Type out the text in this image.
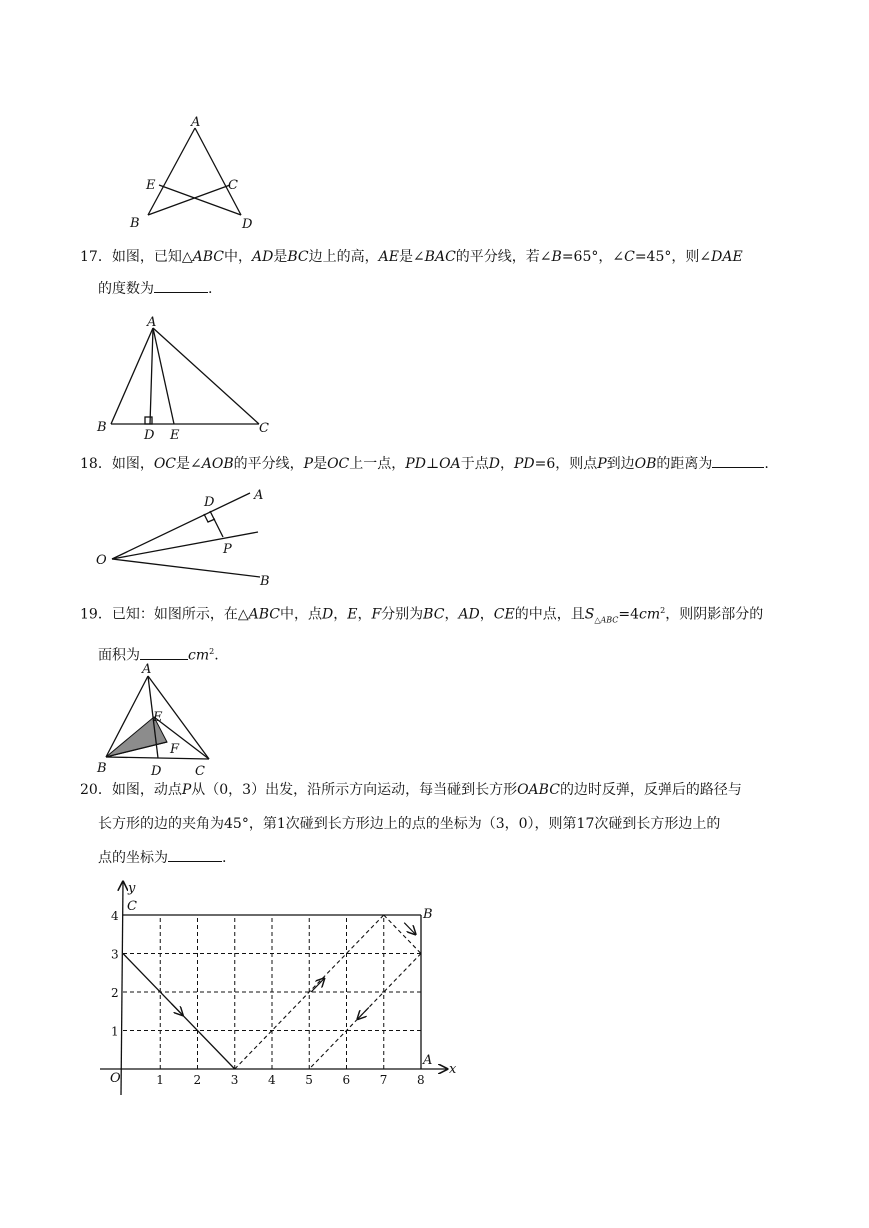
A
E	C
B	D
17．如图，已知△ABC中，AD是BC边上的高，AE是∠BAC的平分线，若∠B=65°，∠C=45°，则∠DAE
的度数为	.
A
B
D E	C
18．如图，OC是∠AOB的平分线，P是OC上一点，PD⊥OA于点D，PD=6，则点P到边OB的距离为	.
D	A
P
O
B
19．已知：如图所示，在△ABC中，点D，E，F分别为BC，AD，CE的中点，且$S_{\triangle ABC}=4cm^2$，则阴影部分的
面积为	$cm^2$.
A
E
F
B	D	C
20．如图，动点P从（0，3）出发，沿所示方向运动，每当碰到长方形OABC的边时反弹，反弹后的路径与
长方形的边的夹角为45°，第1次碰到长方形边上的点的坐标为（3，0），则第17次碰到长方形边上的
点的坐标为	.
1 2 3 4 5 6 7 8
1
2
3
4
y
x
O
C
B
A
